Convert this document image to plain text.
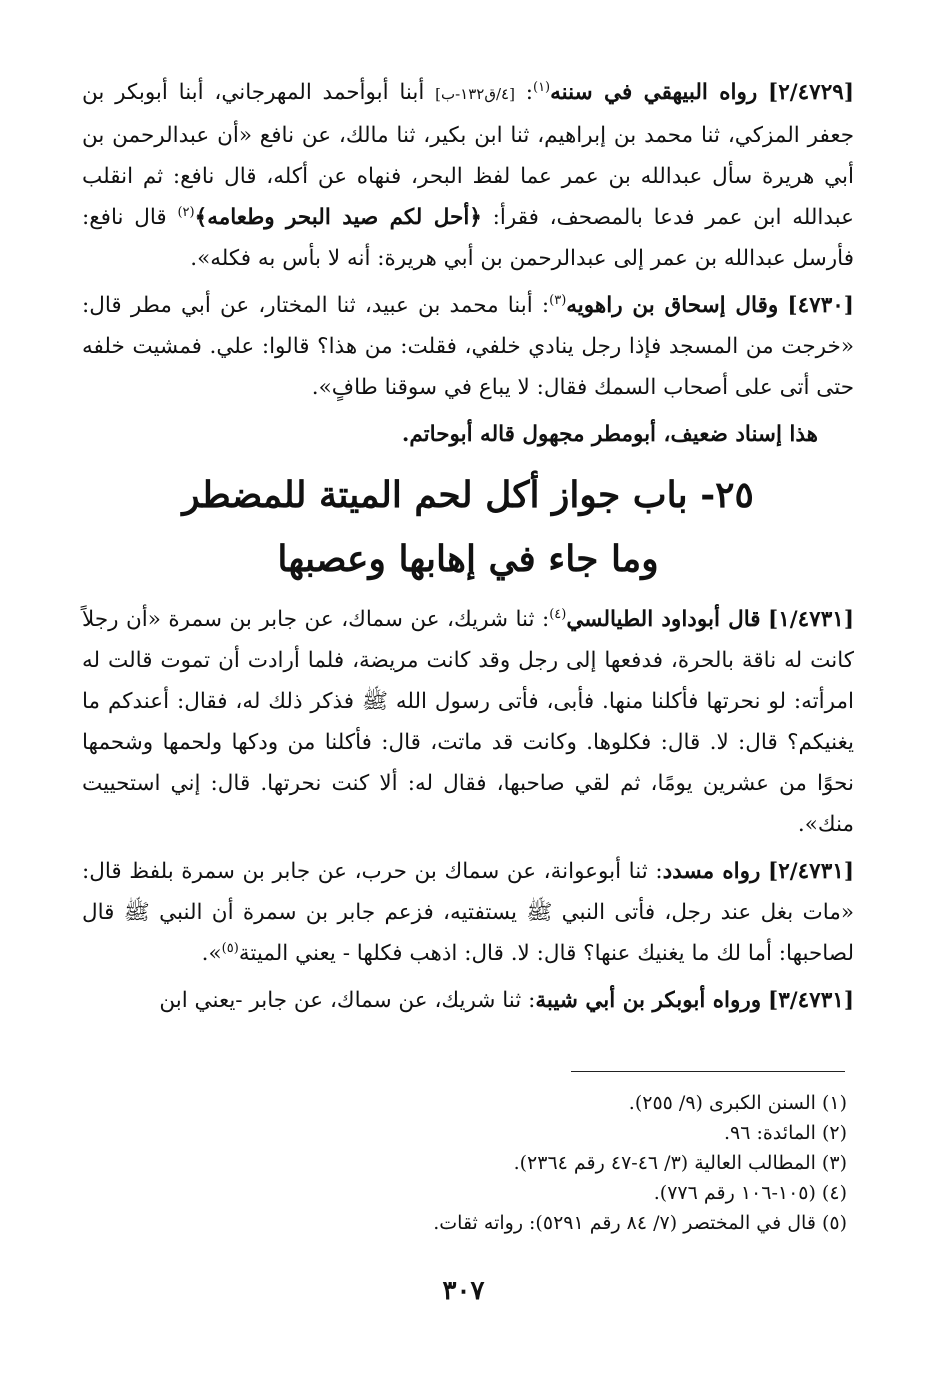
[٢/٤٧٢٩] رواه البيهقي في سننه$^{(١)}$: [٤/ق١٣٢-ب] أبنا أبوأحمد المهرجاني، أبنا أبوبكر بن جعفر المزكي، ثنا محمد بن إبراهيم، ثنا ابن بكير، ثنا مالك، عن نافع «أن عبدالرحمن بن أبي هريرة سأل عبدالله بن عمر عما لفظ البحر، فنهاه عن أكله، قال نافع: ثم انقلب عبدالله ابن عمر فدعا بالمصحف، فقرأ: ﴿أحل لكم صيد البحر وطعامه﴾$^{(٢)}$ قال نافع: فأرسل عبدالله بن عمر إلى عبدالرحمن بن أبي هريرة: أنه لا بأس به فكله».

[٤٧٣٠] وقال إسحاق بن راهويه$^{(٣)}$: أبنا محمد بن عبيد، ثنا المختار، عن أبي مطر قال: «خرجت من المسجد فإذا رجل ينادي خلفي، فقلت: من هذا؟ قالوا: علي. فمشيت خلفه حتى أتى على أصحاب السمك فقال: لا يباع في سوقنا طافٍ».

هذا إسناد ضعيف، أبومطر مجهول قاله أبوحاتم.

٢٥- باب جواز أكل لحم الميتة للمضطر
وما جاء في إهابها وعصبها

[١/٤٧٣١] قال أبوداود الطيالسي$^{(٤)}$: ثنا شريك، عن سماك، عن جابر بن سمرة «أن رجلاً كانت له ناقة بالحرة، فدفعها إلى رجل وقد كانت مريضة، فلما أرادت أن تموت قالت له امرأته: لو نحرتها فأكلنا منها. فأبى، فأتى رسول الله ﷺ فذكر ذلك له، فقال: أعندكم ما يغنيكم؟ قال: لا. قال: فكلوها. وكانت قد ماتت، قال: فأكلنا من ودكها ولحمها وشحمها نحوًا من عشرين يومًا، ثم لقي صاحبها، فقال له: ألا كنت نحرتها. قال: إني استحييت منك».

[٢/٤٧٣١] رواه مسدد: ثنا أبوعوانة، عن سماك بن حرب، عن جابر بن سمرة بلفظ قال: «مات بغل عند رجل، فأتى النبي ﷺ يستفتيه، فزعم جابر بن سمرة أن النبي ﷺ قال لصاحبها: أما لك ما يغنيك عنها؟ قال: لا. قال: اذهب فكلها - يعني الميتة$^{(٥)}$».

[٣/٤٧٣١] ورواه أبوبكر بن أبي شيبة: ثنا شريك، عن سماك، عن جابر -يعني ابن

(١) السنن الكبرى (٩/ ٢٥٥).
(٢) المائدة: ٩٦.
(٣) المطالب العالية (٣/ ٤٦-٤٧ رقم ٢٣٦٤).
(٤) (١٠٥-١٠٦ رقم ٧٧٦).
(٥) قال في المختصر (٧/ ٨٤ رقم ٥٢٩١): رواته ثقات.
٣٠٧
